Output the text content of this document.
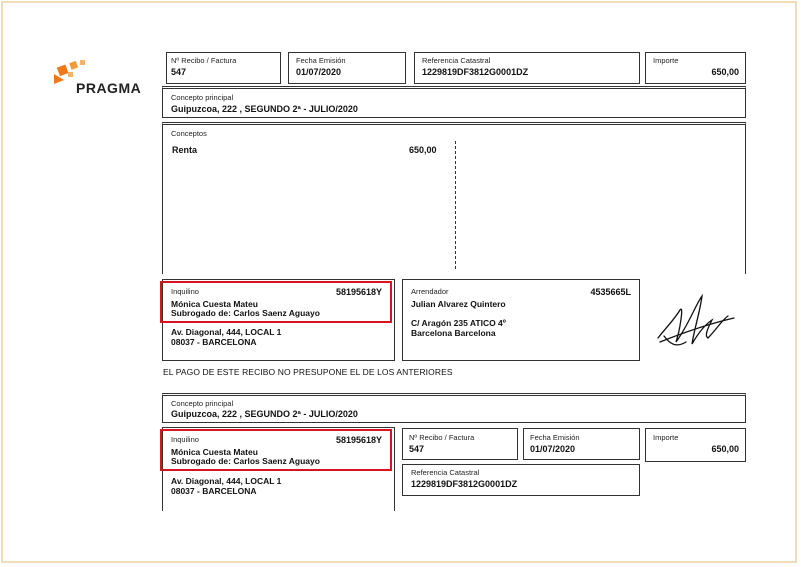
PRAGMA
Nº Recibo / Factura
547
Fecha Emisión
01/07/2020
Referencia Catastral
1229819DF3812G0001DZ
Importe
650,00
Concepto principal
Guipuzcoa, 222 , SEGUNDO 2ª - JULIO/2020
Conceptos
Renta	650,00
Inquilino	58195618Y
Mónica Cuesta Mateu
Subrogado de: Carlos Saenz Aguayo
Av. Diagonal, 444, LOCAL 1
08037 - BARCELONA
Arrendador	4535665L
Julian Alvarez Quintero
C/ Aragón 235 ATICO 4º
Barcelona Barcelona
EL PAGO DE ESTE RECIBO NO PRESUPONE EL DE LOS ANTERIORES
Concepto principal
Guipuzcoa, 222 , SEGUNDO 2ª - JULIO/2020
Inquilino	58195618Y
Mónica Cuesta Mateu
Subrogado de: Carlos Saenz Aguayo
Av. Diagonal, 444, LOCAL 1
08037 - BARCELONA
Nº Recibo / Factura
547
Fecha Emisión
01/07/2020
Importe
650,00
Referencia Catastral
1229819DF3812G0001DZ
